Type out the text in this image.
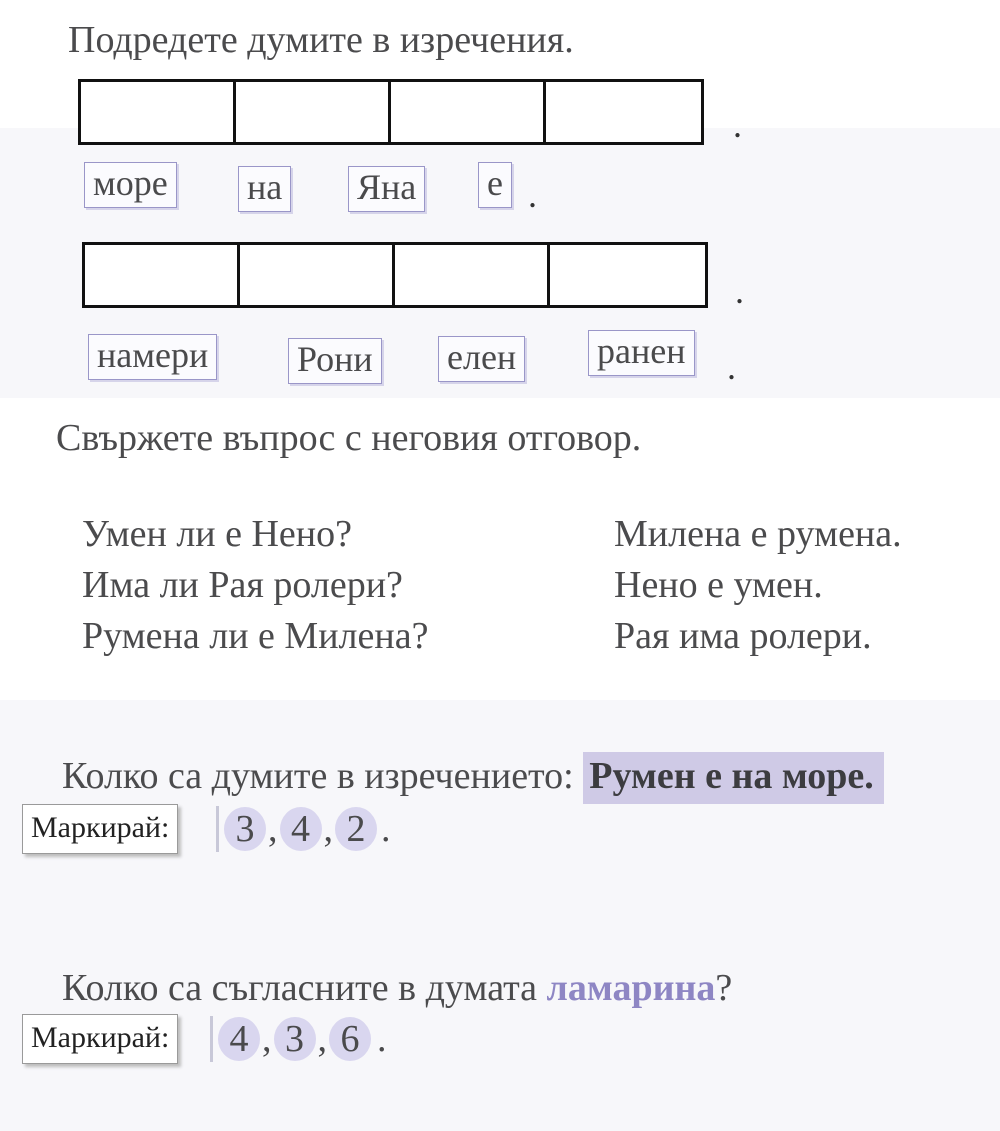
Подредете думите в изречения.
.
море на Яна е .
.
намери Рони елен ранен .
Свържете въпрос с неговия отговор.
Умен ли е Нено?
Има ли Рая ролери?
Румена ли е Милена?
Милена е румена.
Нено е умен.
Рая има ролери.
Колко са думите в изречението: Румен е на море.
Маркирай:	3 , 4 , 2 .
Колко са съгласните в думата ламарина?
Маркирай:	4 , 3 , 6 .
